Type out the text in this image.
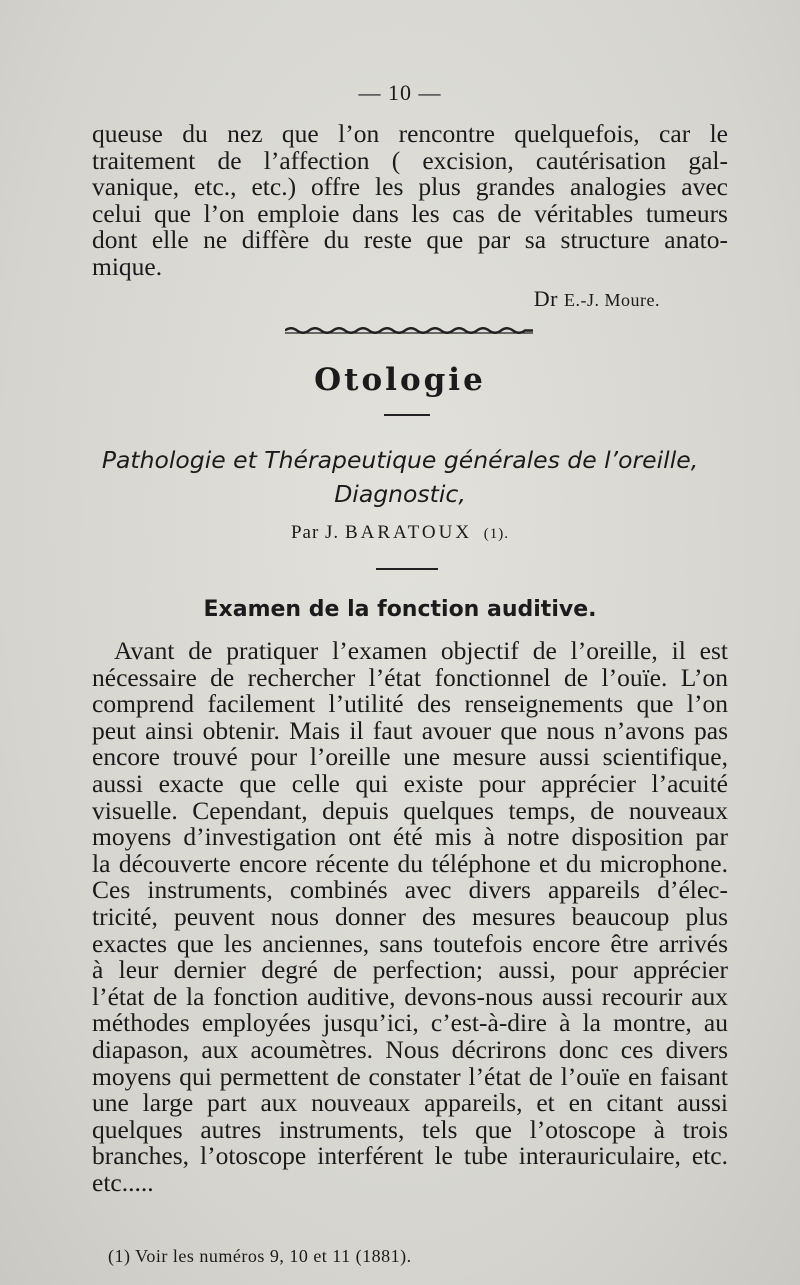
— 10 —
queuse du nez que l’on rencontre quelquefois, car le
traitement de l’affection ( excision, cautérisation gal-
vanique, etc., etc.) offre les plus grandes analogies avec
celui que l’on emploie dans les cas de véritables tumeurs
dont elle ne diffère du reste que par sa structure anato-
mique.
Dr E.-J. Moure.
Otologie
Pathologie et Thérapeutique générales de l’oreille,
Diagnostic,
Par J. BARATOUX (1).
Examen de la fonction auditive.
Avant de pratiquer l’examen objectif de l’oreille, il est
nécessaire de rechercher l’état fonctionnel de l’ouïe. L’on
comprend facilement l’utilité des renseignements que l’on
peut ainsi obtenir. Mais il faut avouer que nous n’avons pas
encore trouvé pour l’oreille une mesure aussi scientifique,
aussi exacte que celle qui existe pour apprécier l’acuité
visuelle. Cependant, depuis quelques temps, de nouveaux
moyens d’investigation ont été mis à notre disposition par
la découverte encore récente du téléphone et du microphone.
Ces instruments, combinés avec divers appareils d’élec-
tricité, peuvent nous donner des mesures beaucoup plus
exactes que les anciennes, sans toutefois encore être arrivés
à leur dernier degré de perfection; aussi, pour apprécier
l’état de la fonction auditive, devons-nous aussi recourir aux
méthodes employées jusqu’ici, c’est-à-dire à la montre, au
diapason, aux acoumètres. Nous décrirons donc ces divers
moyens qui permettent de constater l’état de l’ouïe en faisant
une large part aux nouveaux appareils, et en citant aussi
quelques autres instruments, tels que l’otoscope à trois
branches, l’otoscope interférent le tube interauriculaire, etc.
etc.....
(1) Voir les numéros 9, 10 et 11 (1881).
